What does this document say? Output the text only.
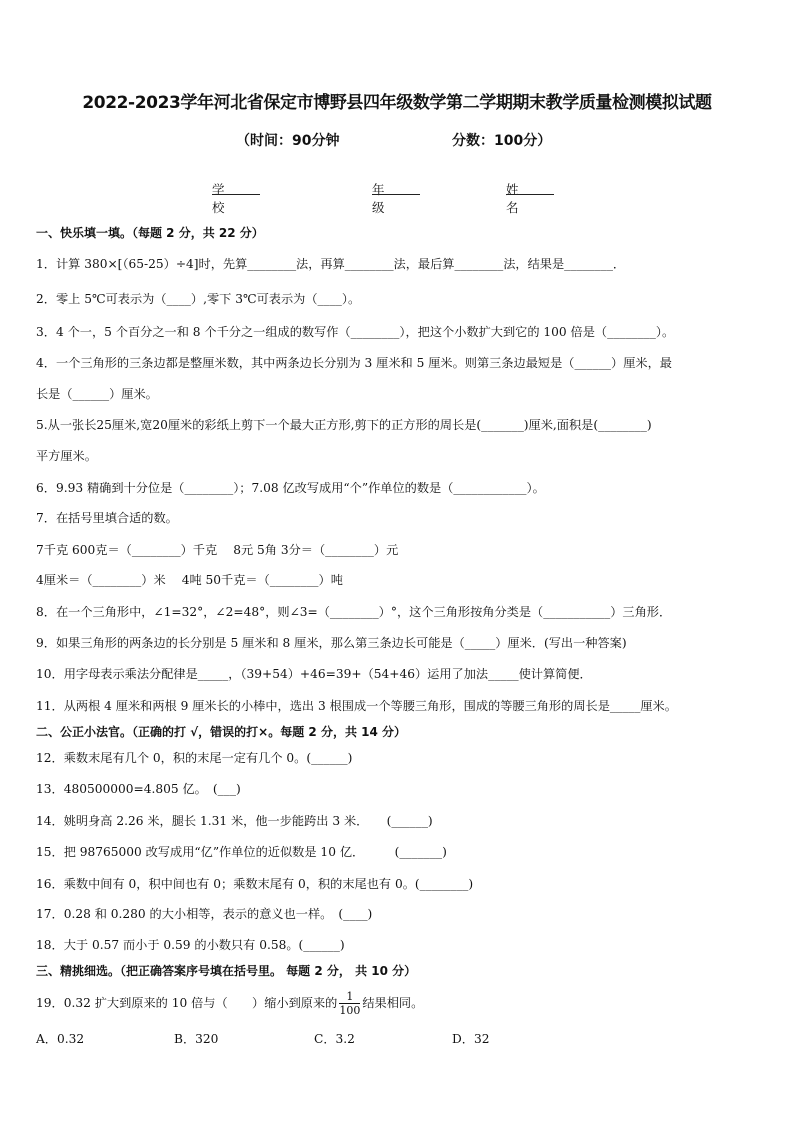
2022-2023学年河北省保定市博野县四年级数学第二学期期末教学质量检测模拟试题
（时间：90分钟	分数：100分）
学校
年级
姓名
一、快乐填一填。（每题 2 分，共 22 分）
1．计算 380×[（65-25）÷4]时，先算________法，再算________法，最后算________法，结果是________．
2．零上 5℃可表示为（____）,零下 3℃可表示为（____）。
3．4 个一，5 个百分之一和 8 个千分之一组成的数写作（________），把这个小数扩大到它的 100 倍是（________）。
4．一个三角形的三条边都是整厘米数，其中两条边长分别为 3 厘米和 5 厘米。则第三条边最短是（______）厘米，最
长是（______）厘米。
5.从一张长25厘米,宽20厘米的彩纸上剪下一个最大正方形,剪下的正方形的周长是(_______)厘米,面积是(________)
平方厘米。
6．9.93 精确到十分位是（________）；7.08 亿改写成用“个”作单位的数是（____________）。
7．在括号里填合适的数。
7千克 600克＝（________）千克　 8元 5角 3分＝（________）元
4厘米＝（________）米　 4吨 50千克＝（________）吨
8．在一个三角形中，∠1=32°，∠2=48°，则∠3=（________）°，这个三角形按角分类是（___________）三角形．
9．如果三角形的两条边的长分别是 5 厘米和 8 厘米，那么第三条边长可能是（_____）厘米．(写出一种答案)
10．用字母表示乘法分配律是_____，（39+54）+46=39+（54+46）运用了加法_____使计算简便．
11．从两根 4 厘米和两根 9 厘米长的小棒中，选出 3 根围成一个等腰三角形，围成的等腰三角形的周长是_____厘米。
二、公正小法官。（正确的打 √，错误的打×。每题 2 分，共 14 分）
12．乘数末尾有几个 0，积的末尾一定有几个 0。(______)
13．480500000=4.805 亿。　(___)
14．姚明身高 2.26 米，腿长 1.31 米，他一步能跨出 3 米．　　(______)
15．把 98765000 改写成用“亿”作单位的近似数是 10 亿．　　　(_______)
16．乘数中间有 0，积中间也有 0；乘数末尾有 0，积的末尾也有 0。(________)
17．0.28 和 0.280 的大小相等，表示的意义也一样。　(____)
18．大于 0.57 而小于 0.59 的小数只有 0.58。(______)
三、精挑细选。（把正确答案序号填在括号里。 每题 2 分， 共 10 分）
19．0.32 扩大到原来的 10 倍与（　　）缩小到原来的 $\frac{1}{100}$ 结果相同。
A．0.32	B．320	C．3.2	D．32
